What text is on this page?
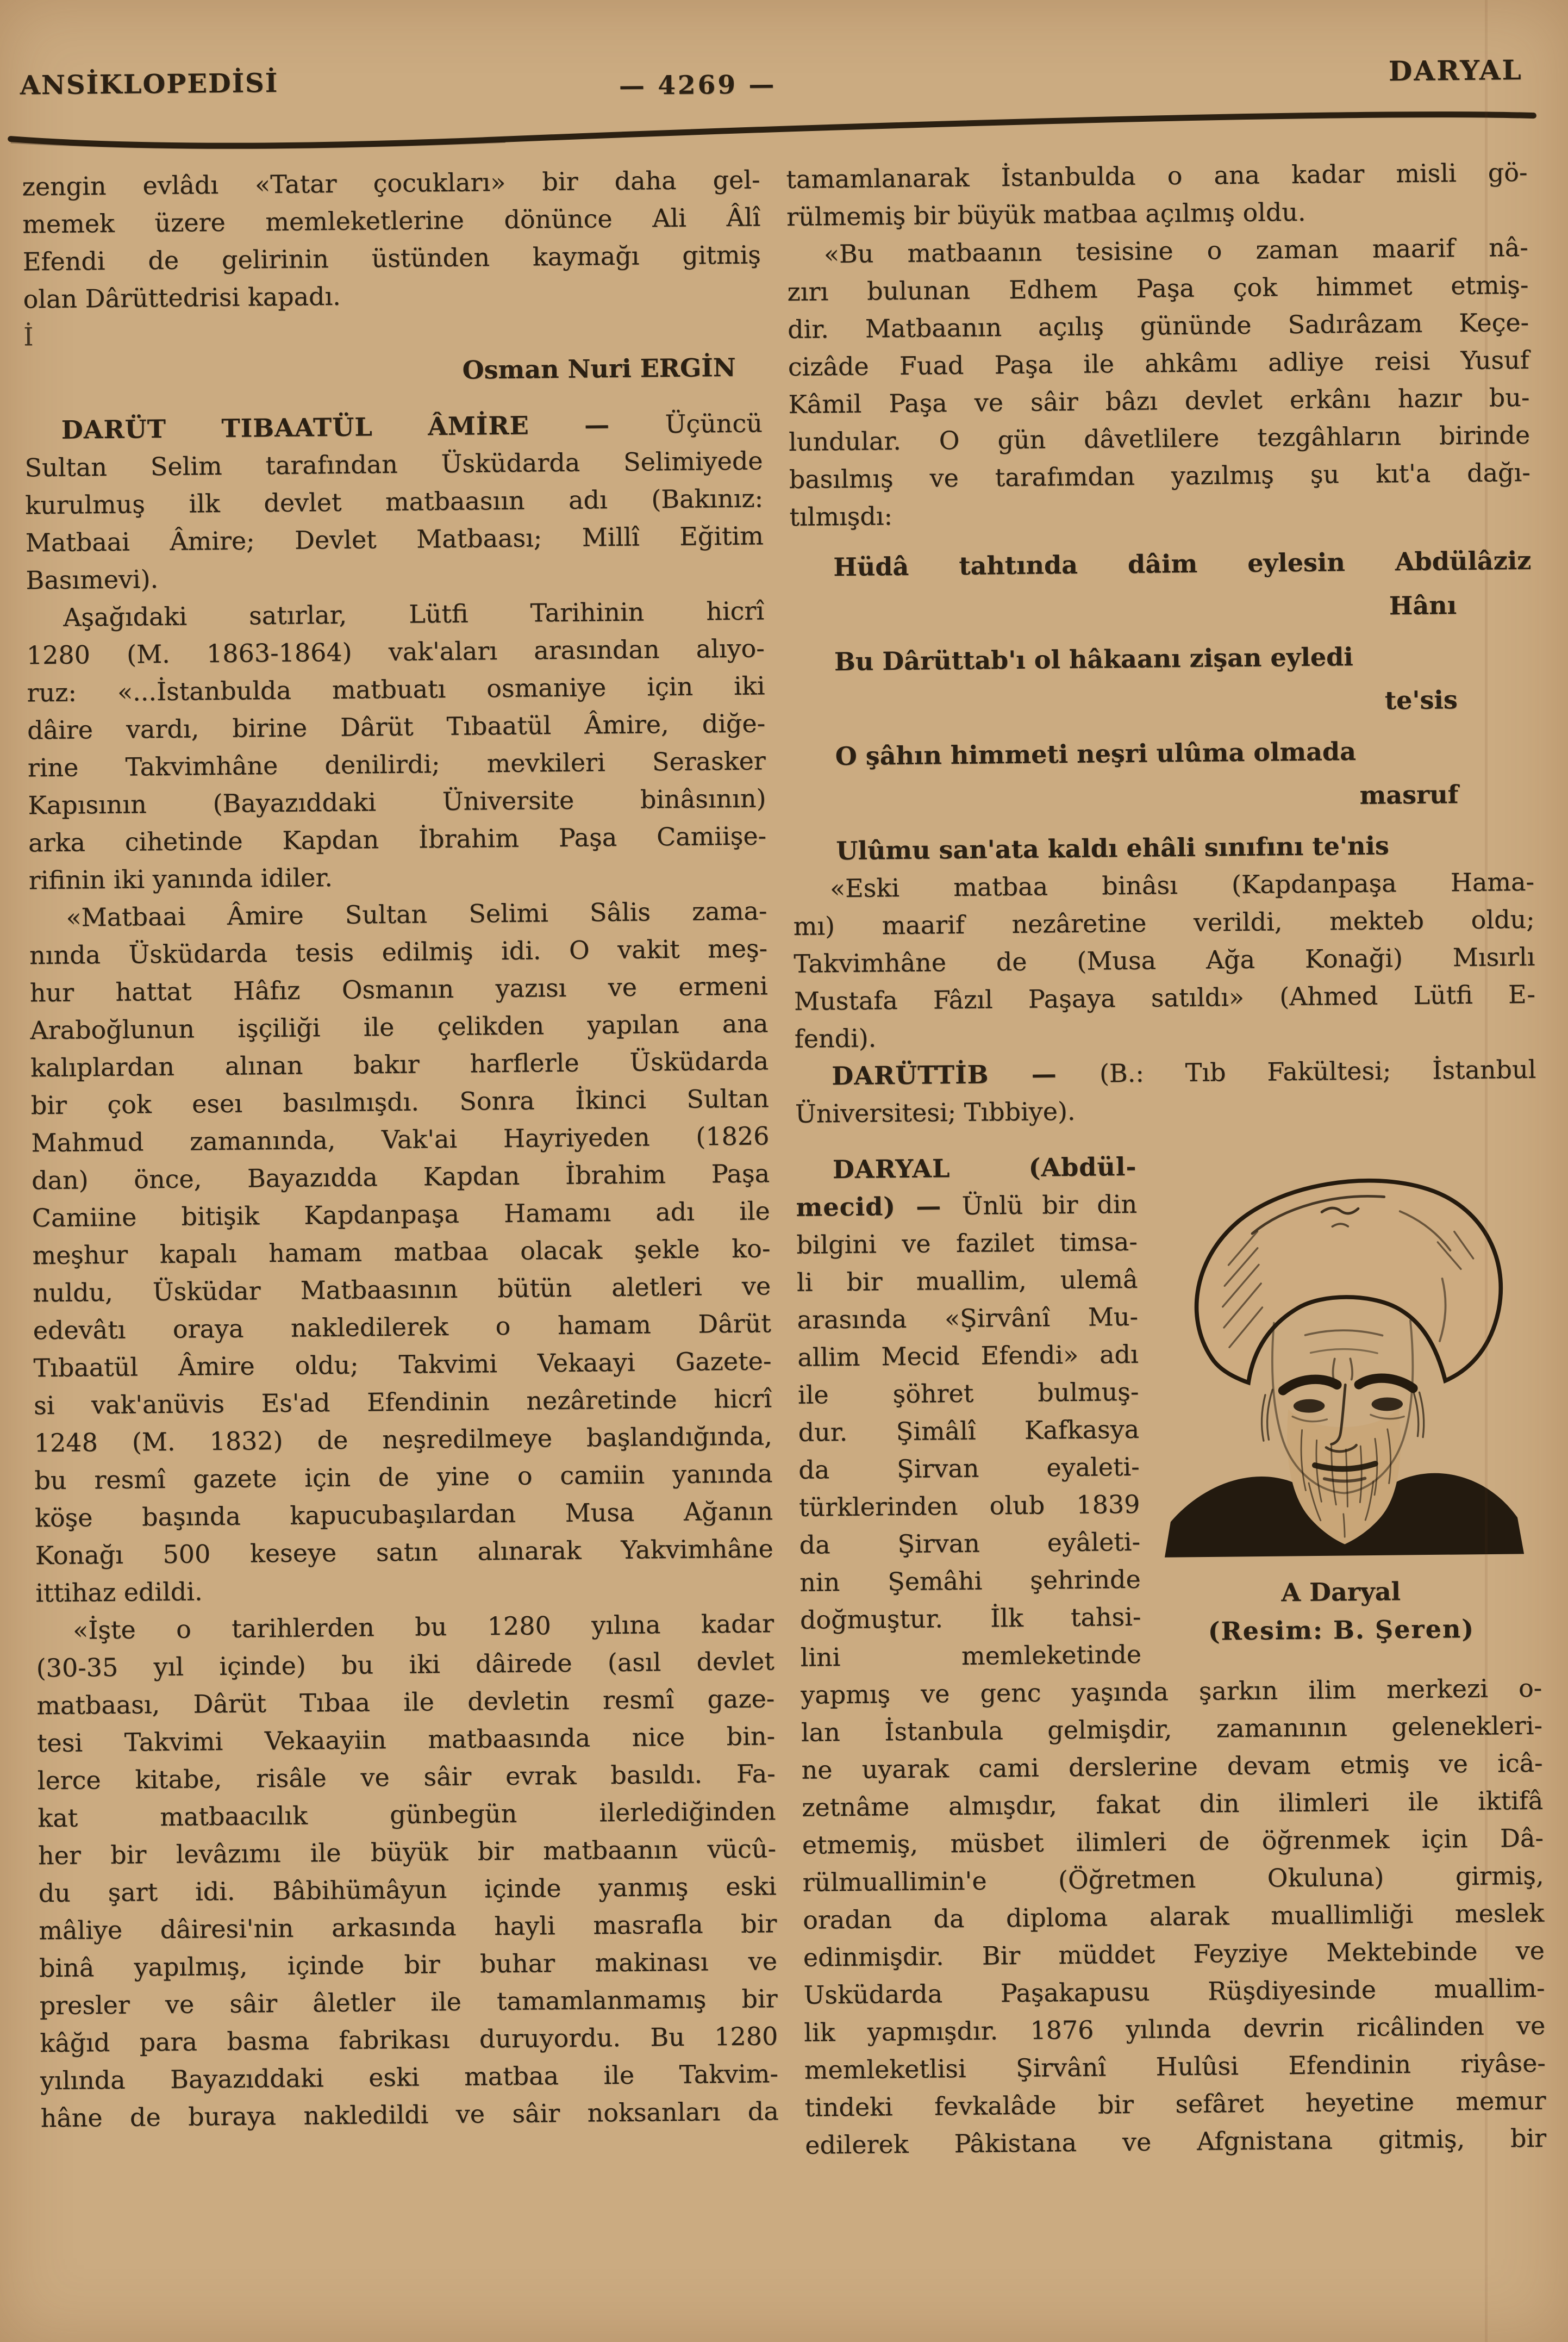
ANSİKLOPEDİSİ	— 4269 —	DARYAL
zengin evlâdı «Tatar çocukları» bir daha gel-
memek üzere memleketlerine dönünce Ali Âlî
Efendi de gelirinin üstünden kaymağı gitmiş
olan Dârüttedrisi kapadı.
İ
Osman Nuri ERGİN
DARÜT TIBAATÜL ÂMİRE — Üçüncü
Sultan Selim tarafından Üsküdarda Selimiyede
kurulmuş ilk devlet matbaasıın adı (Bakınız:
Matbaai Âmire; Devlet Matbaası; Millî Eğitim
Basımevi).
Aşağıdaki satırlar, Lütfi Tarihinin hicrî
1280 (M. 1863-1864) vak'aları arasından alıyo-
ruz: «...İstanbulda matbuatı osmaniye için iki
dâire vardı, birine Dârüt Tıbaatül Âmire, diğe-
rine Takvimhâne denilirdi; mevkileri Serasker
Kapısının (Bayazıddaki Üniversite binâsının)
arka cihetinde Kapdan İbrahim Paşa Camiişe-
rifinin iki yanında idiler.
«Matbaai Âmire Sultan Selimi Sâlis zama-
nında Üsküdarda tesis edilmiş idi. O vakit meş-
hur hattat Hâfız Osmanın yazısı ve ermeni
Araboğlunun işçiliği ile çelikden yapılan ana
kalıplardan alınan bakır harflerle Üsküdarda
bir çok eseı basılmışdı. Sonra İkinci Sultan
Mahmud zamanında, Vak'ai Hayriyeden (1826
dan) önce, Bayazıdda Kapdan İbrahim Paşa
Camiine bitişik Kapdanpaşa Hamamı adı ile
meşhur kapalı hamam matbaa olacak şekle ko-
nuldu, Üsküdar Matbaasının bütün aletleri ve
edevâtı oraya nakledilerek o hamam Dârüt
Tıbaatül Âmire oldu; Takvimi Vekaayi Gazete-
si vak'anüvis Es'ad Efendinin nezâretinde hicrî
1248 (M. 1832) de neşredilmeye başlandığında,
bu resmî gazete için de yine o camiin yanında
köşe başında kapucubaşılardan Musa Ağanın
Konağı 500 keseye satın alınarak Yakvimhâne
ittihaz edildi.
«İşte o tarihlerden bu 1280 yılına kadar
(30-35 yıl içinde) bu iki dâirede (asıl devlet
matbaası, Dârüt Tıbaa ile devletin resmî gaze-
tesi Takvimi Vekaayiin matbaasında nice bin-
lerce kitabe, risâle ve sâir evrak basıldı. Fa-
kat matbaacılık günbegün ilerlediğinden
her bir levâzımı ile büyük bir matbaanın vücû-
du şart idi. Bâbihümâyun içinde yanmış eski
mâliye dâiresi'nin arkasında hayli masrafla bir
binâ yapılmış, içinde bir buhar makinası ve
presler ve sâir âletler ile tamamlanmamış bir
kâğıd para basma fabrikası duruyordu. Bu 1280
yılında Bayazıddaki eski matbaa ile Takvim-
hâne de buraya nakledildi ve sâir noksanları da
tamamlanarak İstanbulda o ana kadar misli gö-
rülmemiş bir büyük matbaa açılmış oldu.
«Bu matbaanın tesisine o zaman maarif nâ-
zırı bulunan Edhem Paşa çok himmet etmiş-
dir. Matbaanın açılış gününde Sadırâzam Keçe-
cizâde Fuad Paşa ile ahkâmı adliye reisi Yusuf
Kâmil Paşa ve sâir bâzı devlet erkânı hazır bu-
lundular. O gün dâvetlilere tezgâhların birinde
basılmış ve tarafımdan yazılmış şu kıt'a dağı-
tılmışdı:
Hüdâ tahtında dâim eylesin Abdülâziz
Hânı
Bu Dârüttab'ı ol hâkaanı zişan eyledi
te'sis
O şâhın himmeti neşri ulûma olmada
masruf
Ulûmu san'ata kaldı ehâli sınıfını te'nis
«Eski matbaa binâsı (Kapdanpaşa Hama-
mı) maarif nezâretine verildi, mekteb oldu;
Takvimhâne de (Musa Ağa Konaği) Mısırlı
Mustafa Fâzıl Paşaya satıldı» (Ahmed Lütfi E-
fendi).
DARÜTTİB — (B.: Tıb Fakültesi; İstanbul
Üniversitesi; Tıbbiye).
DARYAL (Abdül-
mecid) — Ünlü bir din
bilgini ve fazilet timsa-
li bir muallim, ulemâ
arasında «Şirvânî Mu-
allim Mecid Efendi» adı
ile şöhret bulmuş-
dur. Şimâlî Kafkasya
da Şirvan eyaleti-
türklerinden olub 1839
da Şirvan eyâleti-
nin Şemâhi şehrinde
doğmuştur. İlk tahsi-
lini memleketinde
A Daryal
(Resim: B. Şeren)
yapmış ve genc yaşında şarkın ilim merkezi o-
lan İstanbula gelmişdir, zamanının gelenekleri-
ne uyarak cami derslerine devam etmiş ve icâ-
zetnâme almışdır, fakat din ilimleri ile iktifâ
etmemiş, müsbet ilimleri de öğrenmek için Dâ-
rülmuallimin'e (Öğretmen Okuluna) girmiş,
oradan da diploma alarak muallimliği meslek
edinmişdir. Bir müddet Feyziye Mektebinde ve
Usküdarda Paşakapusu Rüşdiyesinde muallim-
lik yapmışdır. 1876 yılında devrin ricâlinden ve
memleketlisi Şirvânî Hulûsi Efendinin riyâse-
tindeki fevkalâde bir sefâret heyetine memur
edilerek Pâkistana ve Afgnistana gitmiş, bir
